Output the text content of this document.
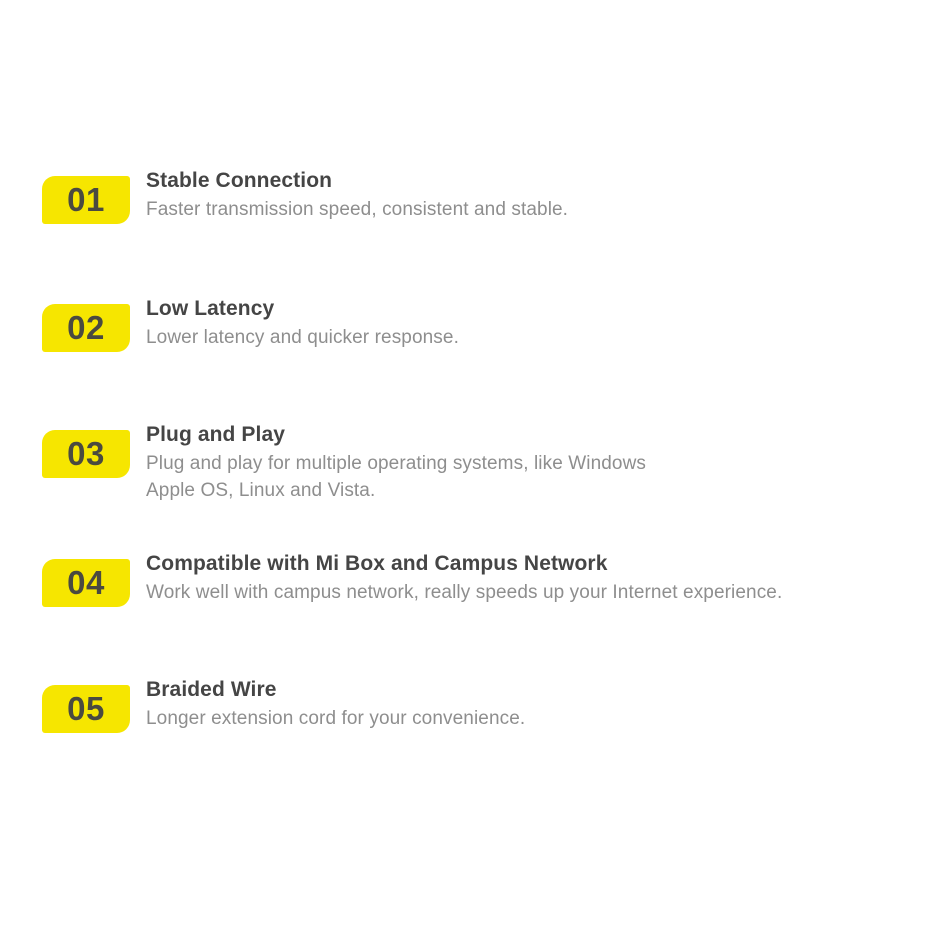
01
Stable Connection
Faster transmission speed, consistent and stable.
02
Low Latency
Lower latency and quicker response.
03
Plug and Play
Plug and play for multiple operating systems, like Windows
Apple OS, Linux and Vista.
04
Compatible with Mi Box and Campus Network
Work well with campus network, really speeds up your Internet experience.
05
Braided Wire
Longer extension cord for your convenience.
